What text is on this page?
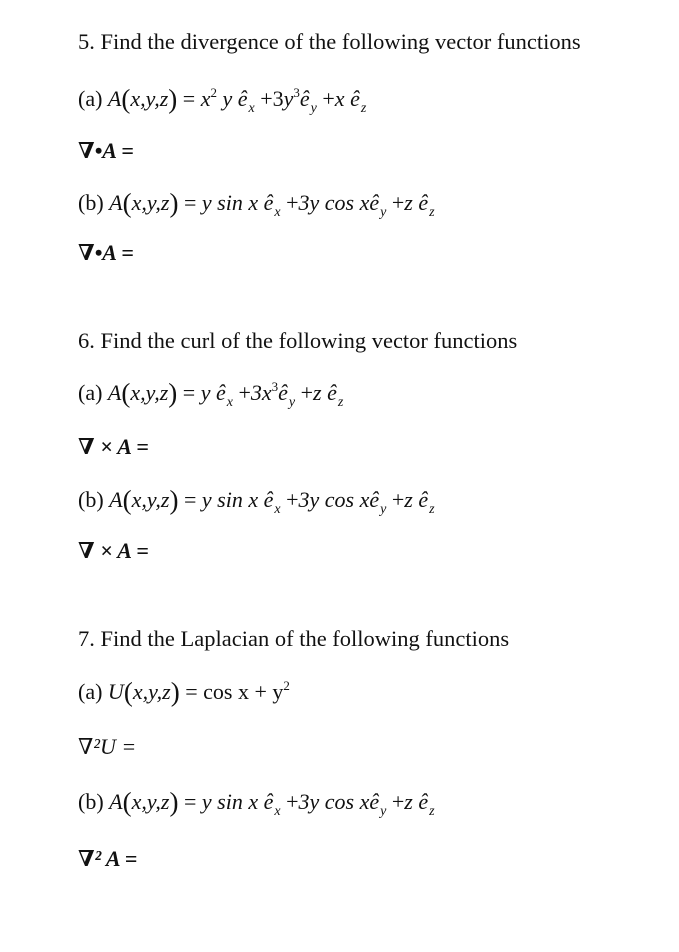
5. Find the divergence of the following vector functions
(a) $A(x,y,z) = x^2$ y $ê_x$ $+3y^3ê_y +x$ $ê_z$
∇•A =
(b) A(x,y,z) = y sin x $ê_x +3y$ $\cos xê_y +z$ $ê_z$
∇•A =
6. Find the curl of the following vector functions
(a) A(x,y,z) = y $ê_x$ $+3x^3ê_y +z$ $ê_z$
∇ × A =
(b) A(x,y,z) = y sin x $ê_x +3y$ $\cos xê_y +z$ $ê_z$
∇ × A =
7. Find the Laplacian of the following functions
(a) $U(x,y,z) = \cos x + y^2$
∇²U =
(b) A(x,y,z) = y sin x $ê_x +3y$ $\cos xê_y +z$ $ê_z$
∇² A =
